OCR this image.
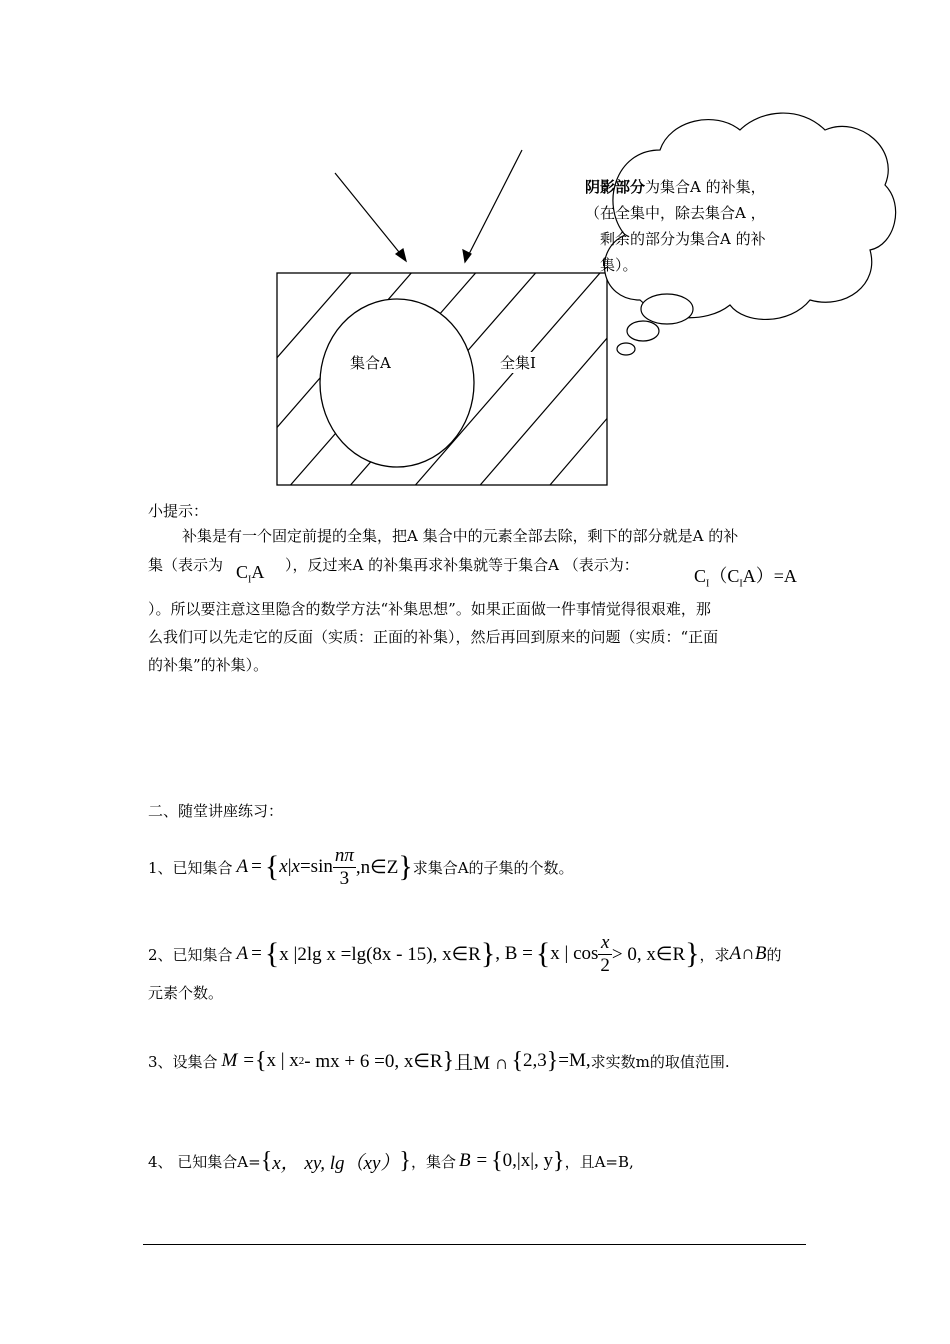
集合A	全集I
阴影部分为集合A 的补集，
（在全集中，除去集合A ，
剩余的部分为集合A 的补
集）。
小提示：
补集是有一个固定前提的全集，把A 集合中的元素全部去除，剩下的部分就是A 的补
集（表示为 $C_IA$ ），反过来A 的补集再求补集就等于集合A （表示为：
$C_I(C_IA)=A$
）。所以要注意这里隐含的数学方法“补集思想”。如果正面做一件事情觉得很艰难，那
么我们可以先走它的反面（实质：正面的补集），然后再回到原来的问题（实质：“正面
的补集”的补集）。
二、随堂讲座练习：
1、已知集合 A = { x | $x =\sin \frac{n\pi}{3}$ ,n∈Z } 求集合A的子集的个数。
2、已知集合 A = { x |2lg x =lg(8x - 15), x∈R } , B = { x | $\cos \frac{x}{2} > 0$, x∈R } ，求 A∩B 的
元素个数。
3、设集合 M = { x | x 2 - mx + 6 =0, x∈R } 且M ∩ { 2,3 } =M, 求实数m的取值范围.
4、 已知集合A= { x， xy, lg（xy） } ，集合 B = { 0,|x|, y } ，且A=B,
